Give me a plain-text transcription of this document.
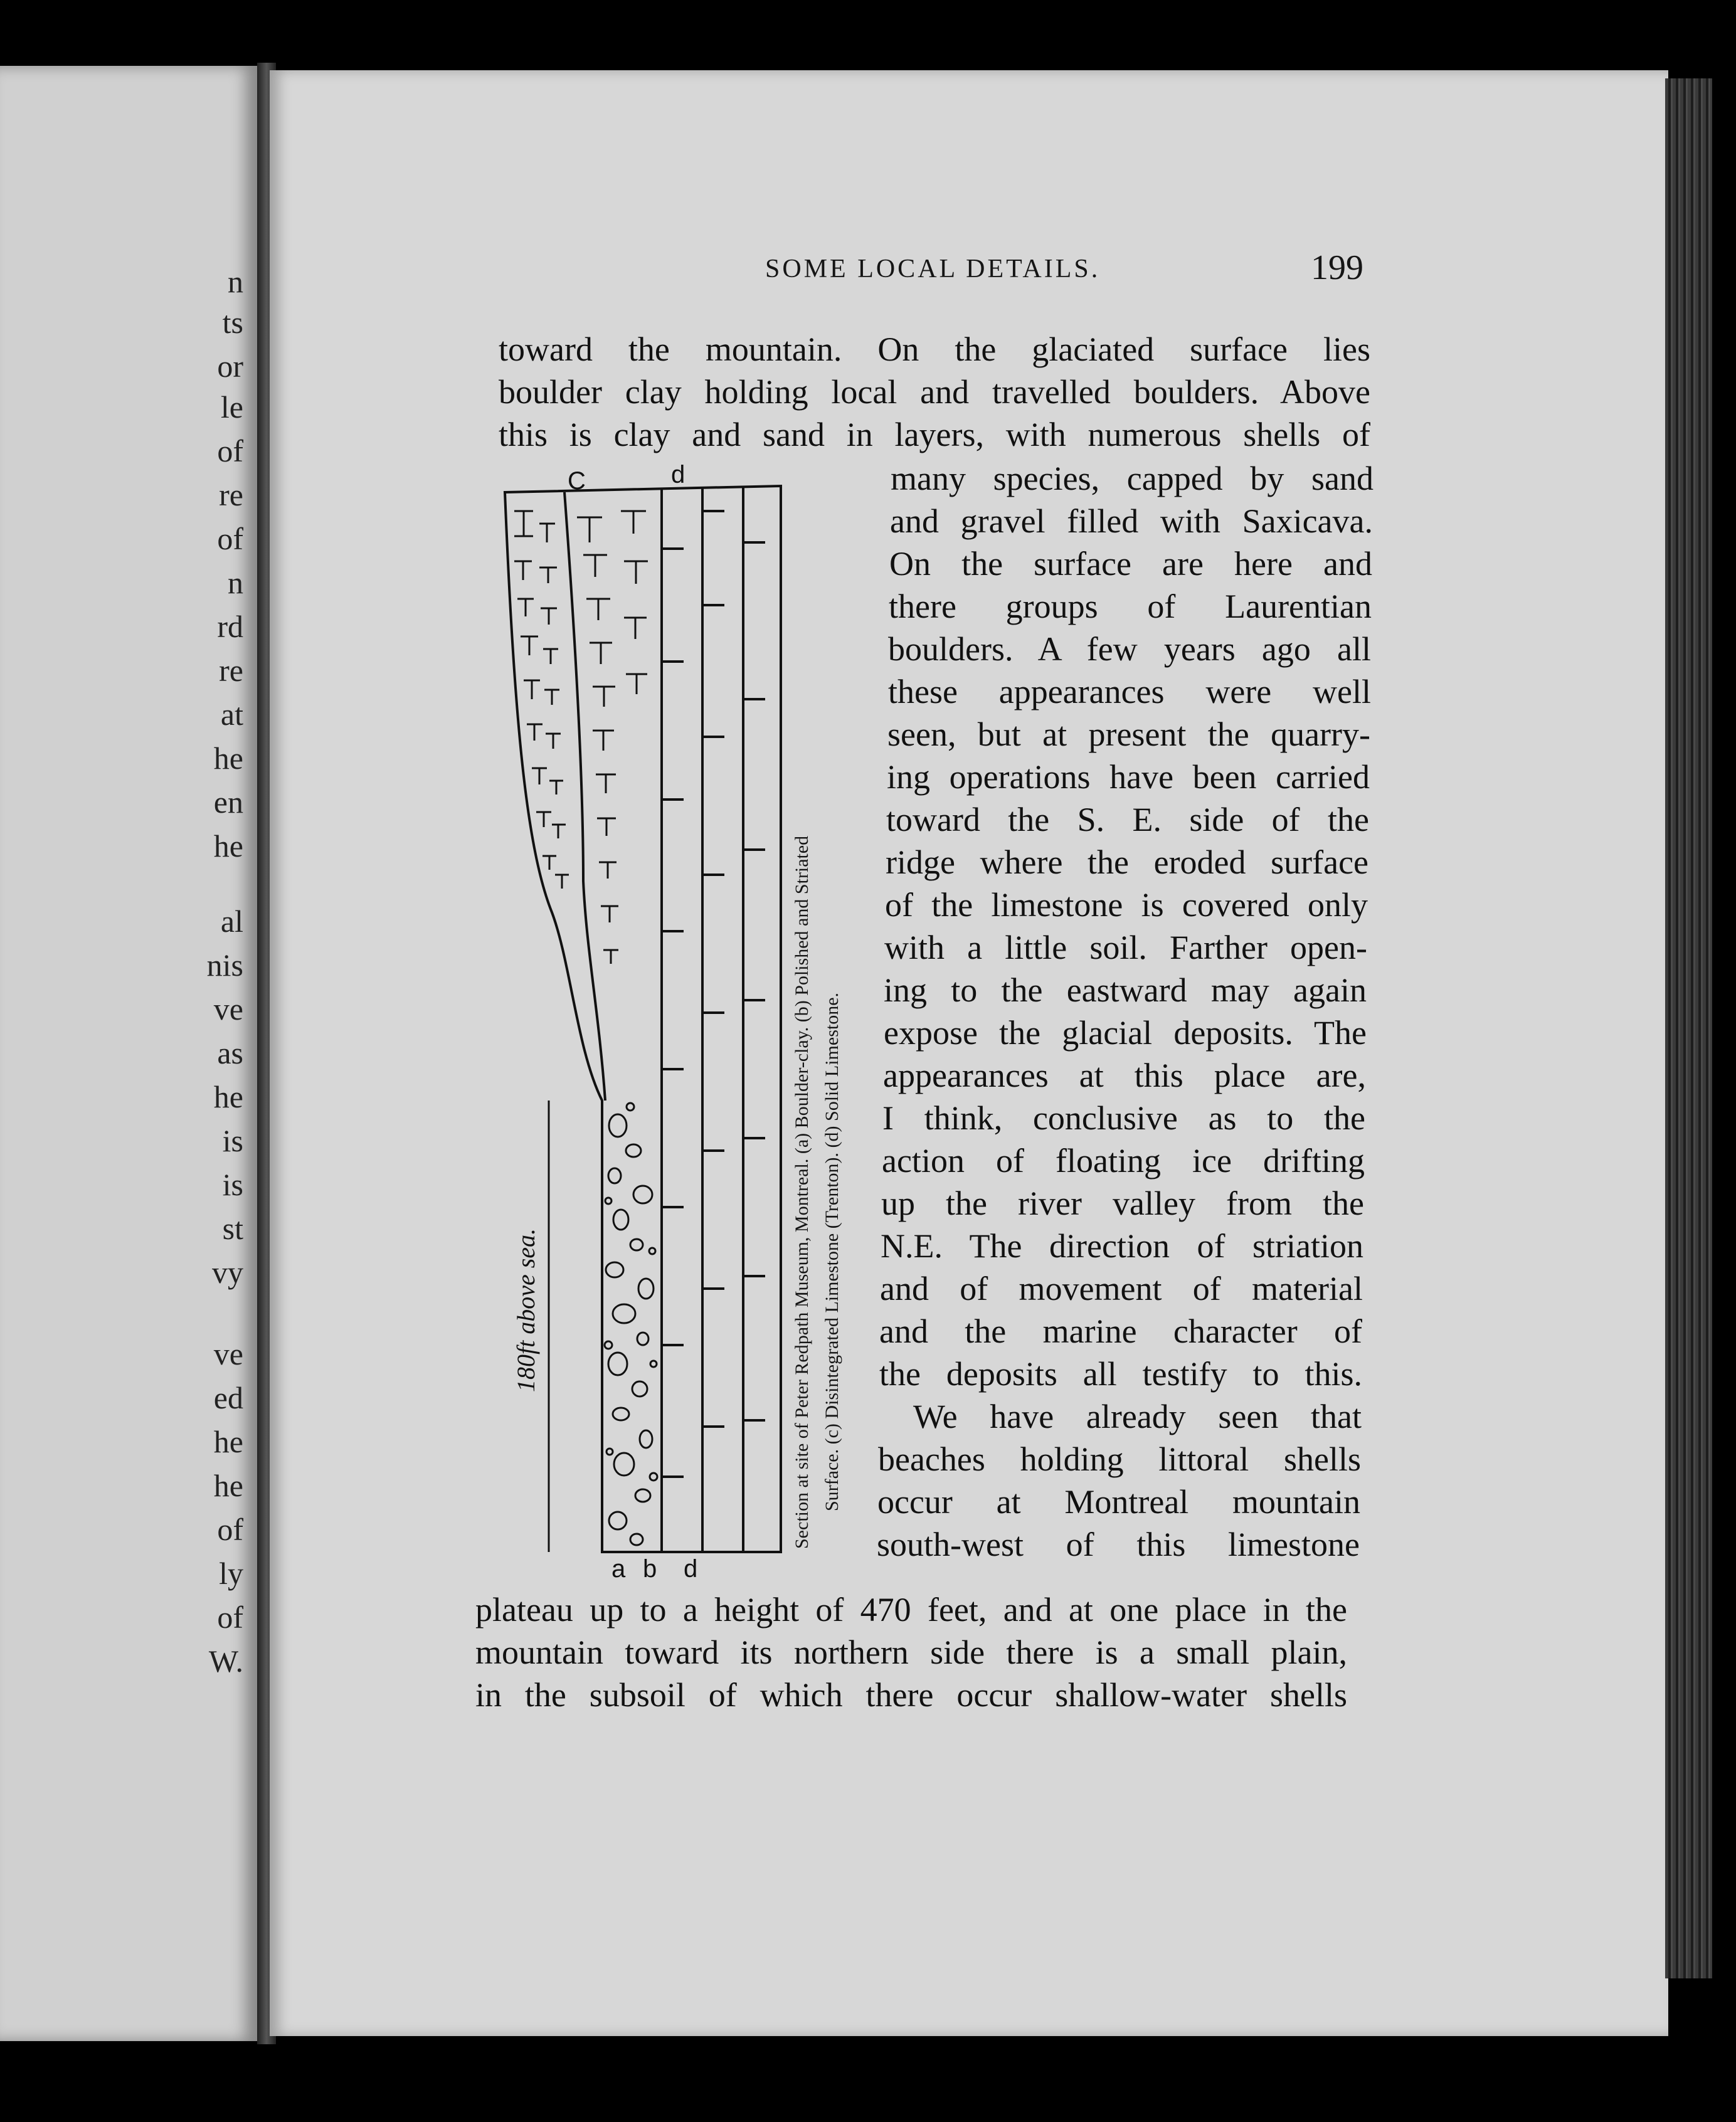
n
ts
or
le
of
re
of
n
rd
re
at
he
en
he
al
nis
ve
as
he
is
is
st
vy
ve
ed
he
he
of
ly
of
W.
SOME LOCAL DETAILS.	199
toward the mountain. On the glaciated surface lies
boulder clay holding local and travelled boulders. Above
this is clay and sand in layers, with numerous shells of
many species, capped by sand
and gravel filled with Saxicava.
On the surface are here and
there groups of Laurentian
boulders. A few years ago all
these appearances were well
seen, but at present the quarry-
ing operations have been carried
toward the S. E. side of the
ridge where the eroded surface
of the limestone is covered only
with a little soil. Farther open-
ing to the eastward may again
expose the glacial deposits. The
appearances at this place are,
I think, conclusive as to the
action of floating ice drifting
up the river valley from the
N.E. The direction of striation
and of movement of material
and the marine character of
the deposits all testify to this.
We have already seen that
beaches holding littoral shells
occur at Montreal mountain
south-west of this limestone
plateau up to a height of 470 feet, and at one place in the
mountain toward its northern side there is a small plain,
in the subsoil of which there occur shallow-water shells
180ft above sea.
C	d
a b d
Section at site of Peter Redpath Museum, Montreal. (a) Boulder-clay. (b) Polished and Striated Surface. (c) Disintegrated Limestone (Trenton). (d) Solid Limestone.
